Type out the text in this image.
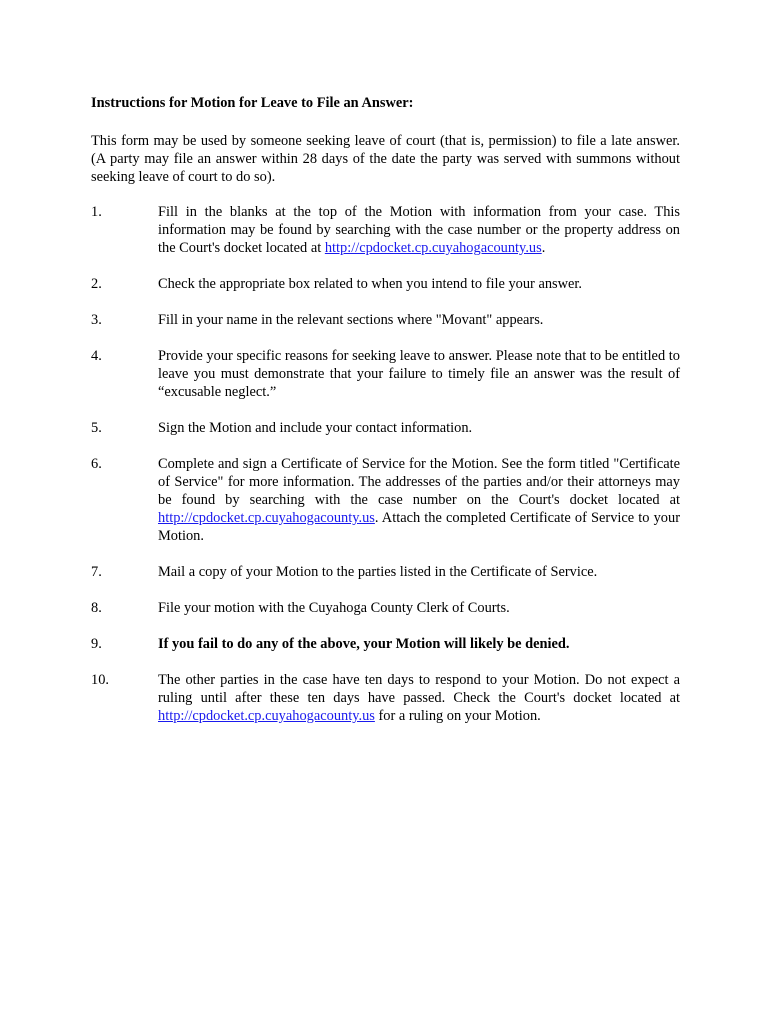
Instructions for Motion for Leave to File an Answer:

This form may be used by someone seeking leave of court (that is, permission) to file a late answer. (A party may file an answer within 28 days of the date the party was served with summons without seeking leave of court to do so).

1.	Fill in the blanks at the top of the Motion with information from your case. This information may be found by searching with the case number or the property address on the Court's docket located at http://cpdocket.cp.cuyahogacounty.us.
2.	Check the appropriate box related to when you intend to file your answer.
3.	Fill in your name in the relevant sections where "Movant" appears.
4.	Provide your specific reasons for seeking leave to answer. Please note that to be entitled to leave you must demonstrate that your failure to timely file an answer was the result of “excusable neglect.”
5.	Sign the Motion and include your contact information.
6.	Complete and sign a Certificate of Service for the Motion. See the form titled "Certificate of Service" for more information. The addresses of the parties and/or their attorneys may be found by searching with the case number on the Court's docket located at http://cpdocket.cp.cuyahogacounty.us. Attach the completed Certificate of Service to your Motion.
7.	Mail a copy of your Motion to the parties listed in the Certificate of Service.
8.	File your motion with the Cuyahoga County Clerk of Courts.
9.	If you fail to do any of the above, your Motion will likely be denied.
10.	The other parties in the case have ten days to respond to your Motion. Do not expect a ruling until after these ten days have passed. Check the Court's docket located at http://cpdocket.cp.cuyahogacounty.us for a ruling on your Motion.
